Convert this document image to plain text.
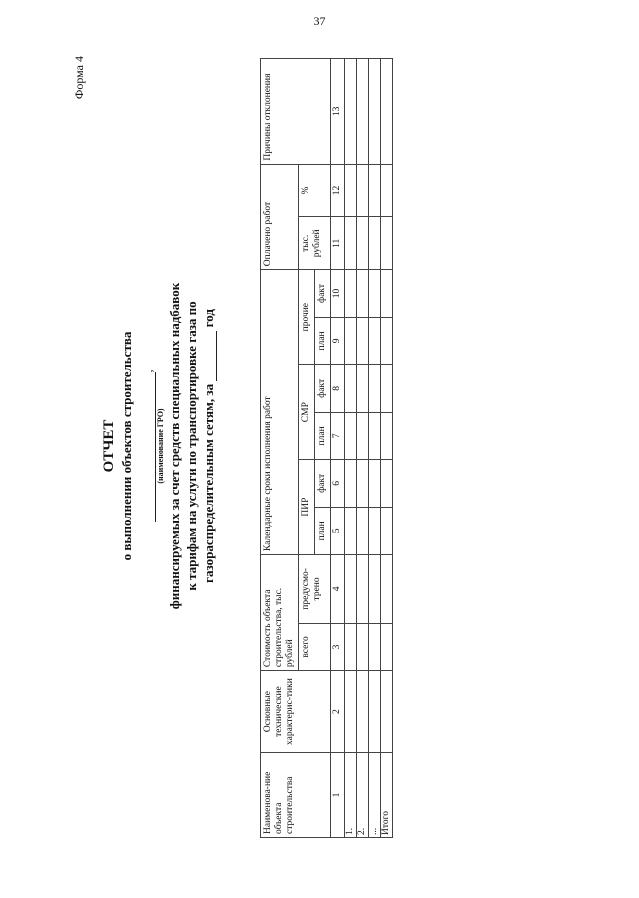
37
Форма 4
ОТЧЕТ о выполнении объектов строительства ,
(наименование ГРО) финансируемых за счет средств специальных надбавок к тарифам на услуги по транспортировке газа по газораспределительным сетям, за  год
Наименова-ние объекта строительства	Основные технические характерис-тики	Стоимость объекта строительства, тыс. рублей		Календарные сроки исполнения работ						Оплачено работ		Причины отклонения
		всего	предусмо-трено	ПИР		СМР		прочие		тыс. рублей	%	
				план	факт	план	факт	план	факт			
1	2	3	4	5	6	7	8	9	10	11	12	13
1.												
2.												
...												
Итого												
